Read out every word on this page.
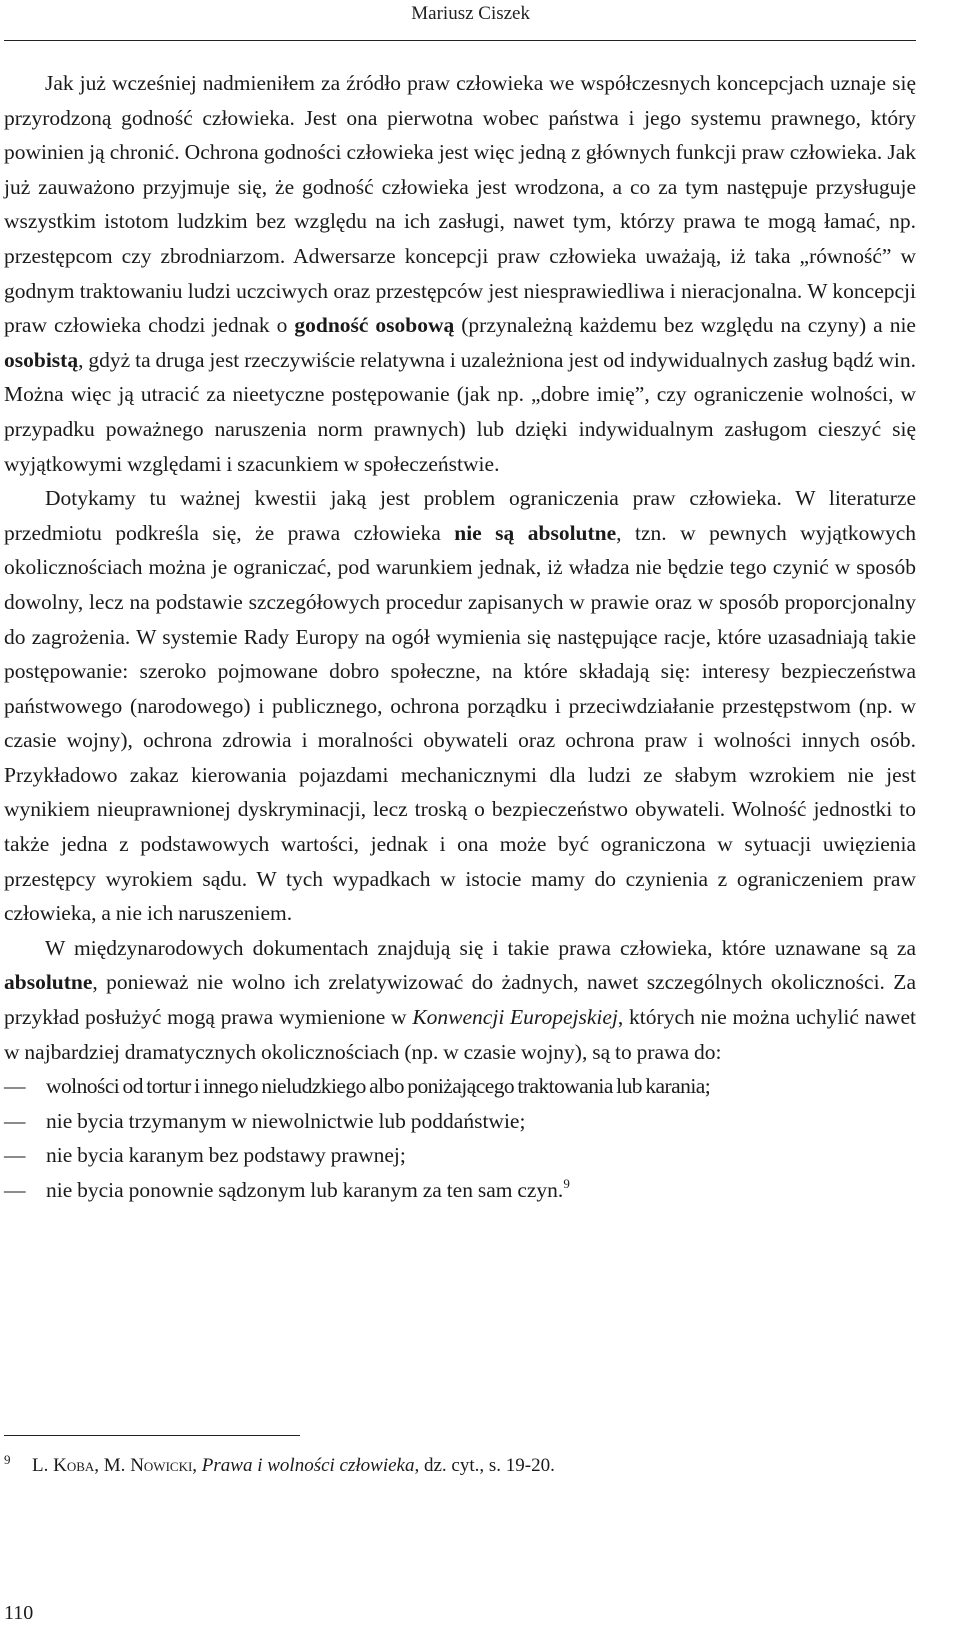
Mariusz Ciszek

Jak już wcześniej nadmieniłem za źródło praw człowieka we współczesnych koncepcjach uznaje się przyrodzoną godność człowieka. Jest ona pierwotna wobec państwa i jego systemu prawnego, który powinien ją chronić. Ochrona godności człowieka jest więc jedną z głównych funkcji praw człowieka. Jak już zauważono przyjmuje się, że godność człowieka jest wrodzona, a co za tym następuje przysługuje wszystkim istotom ludzkim bez względu na ich zasługi, nawet tym, którzy prawa te mogą łamać, np. przestępcom czy zbrodniarzom. Adwersarze koncepcji praw człowieka uważają, iż taka „równość” w godnym traktowaniu ludzi uczciwych oraz przestępców jest niesprawiedliwa i nieracjonalna. W koncepcji praw człowieka chodzi jednak o godność osobową (przynależną każdemu bez względu na czyny) a nie osobistą, gdyż ta druga jest rzeczywiście relatywna i uzależniona jest od indywidualnych zasług bądź win. Można więc ją utracić za nieetyczne postępowanie (jak np. „dobre imię”, czy ograniczenie wolności, w przypadku poważnego naruszenia norm prawnych) lub dzięki indywidualnym zasługom cieszyć się wyjątkowymi względami i szacunkiem w społeczeństwie.

Dotykamy tu ważnej kwestii jaką jest problem ograniczenia praw człowieka. W literaturze przedmiotu podkreśla się, że prawa człowieka nie są absolutne, tzn. w pewnych wyjątkowych okolicznościach można je ograniczać, pod warunkiem jednak, iż władza nie będzie tego czynić w sposób dowolny, lecz na podstawie szczegółowych procedur zapisanych w prawie oraz w sposób proporcjonalny do zagrożenia. W systemie Rady Europy na ogół wymienia się następujące racje, które uzasadniają takie postępowanie: szeroko pojmowane dobro społeczne, na które składają się: interesy bezpieczeństwa państwowego (narodowego) i publicznego, ochrona porządku i przeciwdziałanie przestępstwom (np. w czasie wojny), ochrona zdrowia i moralności obywateli oraz ochrona praw i wolności innych osób. Przykładowo zakaz kierowania pojazdami mechanicznymi dla ludzi ze słabym wzrokiem nie jest wynikiem nieuprawnionej dyskryminacji, lecz troską o bezpieczeństwo obywateli. Wolność jednostki to także jedna z podstawowych wartości, jednak i ona może być ograniczona w sytuacji uwięzienia przestępcy wyrokiem sądu. W tych wypadkach w istocie mamy do czynienia z ograniczeniem praw człowieka, a nie ich naruszeniem.

W międzynarodowych dokumentach znajdują się i takie prawa człowieka, które uznawane są za absolutne, ponieważ nie wolno ich zrelatywizować do żadnych, nawet szczególnych okoliczności. Za przykład posłużyć mogą prawa wymienione w Konwencji Europejskiej, których nie można uchylić nawet w najbardziej dramatycznych okolicznościach (np. w czasie wojny), są to prawa do:

— wolności od tortur i innego nieludzkiego albo poniżającego traktowania lub karania;
— nie bycia trzymanym w niewolnictwie lub poddaństwie;
— nie bycia karanym bez podstawy prawnej;
— nie bycia ponownie sądzonym lub karanym za ten sam czyn.$^9$
9 L. Koba, M. Nowicki, Prawa i wolności człowieka, dz. cyt., s. 19-20.
110
